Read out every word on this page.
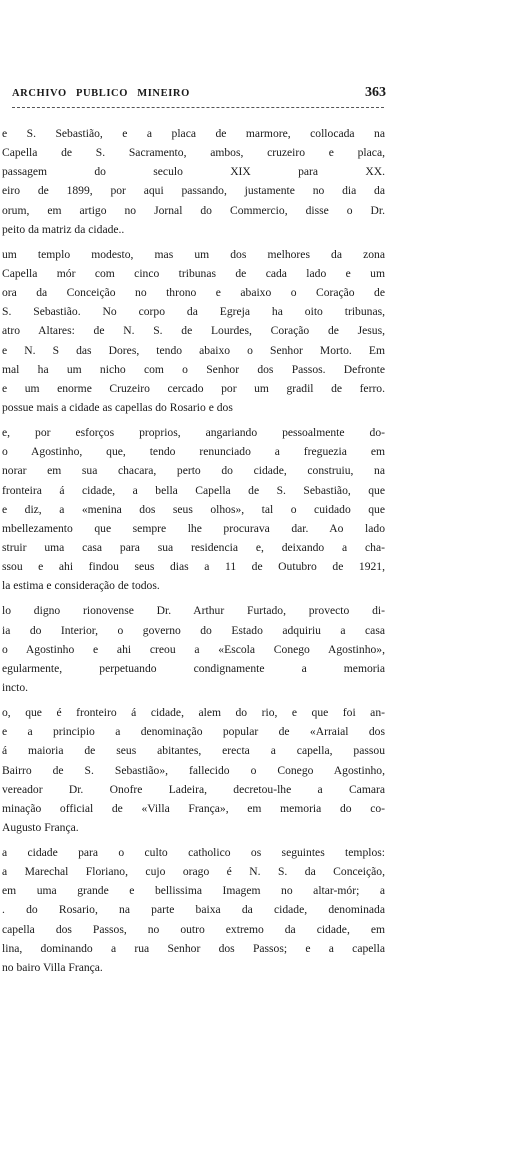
ARCHIVO PUBLICO MINEIRO	363
e S. Sebastião, e a placa de marmore, collocada na
Capella de S. Sacramento, ambos, cruzeiro e placa,
passagem do seculo XIX para XX.
eiro de 1899, por aqui passando, justamente no dia da
orum, em artigo no Jornal do Commercio, disse o Dr.
peito da matriz da cidade..
um templo modesto, mas um dos melhores da zona
Capella mór com cinco tribunas de cada lado e um
ora da Conceição no throno e abaixo o Coração de
S. Sebastião. No corpo da Egreja ha oito tribunas,
atro Altares: de N. S. de Lourdes, Coração de Jesus,
e N. S das Dores, tendo abaixo o Senhor Morto. Em
mal ha um nicho com o Senhor dos Passos. Defronte
e um enorme Cruzeiro cercado por um gradil de ferro.
possue mais a cidade as capellas do Rosario e dos
e, por esforços proprios, angariando pessoalmente do-
o Agostinho, que, tendo renunciado a freguezia em
norar em sua chacara, perto do cidade, construiu, na
fronteira á cidade, a bella Capella de S. Sebastião, que
e diz, a «menina dos seus olhos», tal o cuidado que
mbellezamento que sempre lhe procurava dar. Ao lado
struir uma casa para sua residencia e, deixando a cha-
ssou e ahi findou seus dias a 11 de Outubro de 1921,
la estima e consideração de todos.
lo digno rionovense Dr. Arthur Furtado, provecto di-
ia do Interior, o governo do Estado adquiriu a casa
o Agostinho e ahi creou a «Escola Conego Agostinho»,
egularmente, perpetuando condignamente a memoria
incto.
o, que é fronteiro á cidade, alem do rio, e que foi an-
e a principio a denominação popular de «Arraial dos
á maioria de seus abitantes, erecta a capella, passou
Bairro de S. Sebastião», fallecido o Conego Agostinho,
vereador Dr. Onofre Ladeira, decretou-lhe a Camara
minação official de «Villa França», em memoria do co-
Augusto França.
a cidade para o culto catholico os seguintes templos:
a Marechal Floriano, cujo orago é N. S. da Conceição,
em uma grande e bellissima Imagem no altar-mór; a
. do Rosario, na parte baixa da cidade, denominada
capella dos Passos, no outro extremo da cidade, em
lina, dominando a rua Senhor dos Passos; e a capella
no bairo Villa França.
